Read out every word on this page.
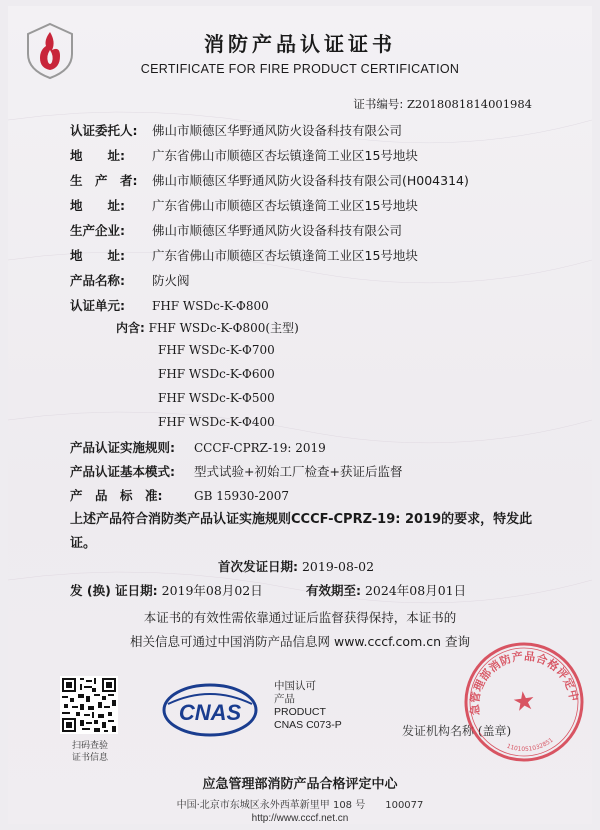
消防产品认证证书
CERTIFICATE FOR FIRE PRODUCT CERTIFICATION
证书编号: Z2018081814001984
认证委托人: 佛山市顺德区华野通风防火设备科技有限公司
地　　址: 广东省佛山市顺德区杏坛镇逢简工业区15号地块
生　产　者: 佛山市顺德区华野通风防火设备科技有限公司(H004314)
地　　址: 广东省佛山市顺德区杏坛镇逢简工业区15号地块
生产企业: 佛山市顺德区华野通风防火设备科技有限公司
地　　址: 广东省佛山市顺德区杏坛镇逢简工业区15号地块
产品名称: 防火阀
认证单元: FHF WSDc-K-Φ800
内含: FHF WSDc-K-Φ800(主型)
FHF WSDc-K-Φ700
FHF WSDc-K-Φ600
FHF WSDc-K-Φ500
FHF WSDc-K-Φ400
产品认证实施规则: CCCF-CPRZ-19: 2019
产品认证基本模式: 型式试验+初始工厂检查+获证后监督
产　品　标　准:	GB 15930-2007
上述产品符合消防类产品认证实施规则CCCF-CPRZ-19: 2019的要求，特发此证。
首次发证日期: 2019-08-02
发 (换) 证日期: 2019年08月02日	有效期至: 2024年08月01日
本证书的有效性需依靠通过证后监督获得保持，本证书的
相关信息可通过中国消防产品信息网 www.cccf.com.cn 查询
扫码查验
证书信息
CNAS
中国认可
产品
PRODUCT
CNAS C073-P	发证机构名称 (盖章)
应急管理部消防产品合格评定中心
★
1101051032851
应急管理部消防产品合格评定中心
中国·北京市东城区永外西革新里甲 108 号　　100077
http://www.cccf.net.cn
